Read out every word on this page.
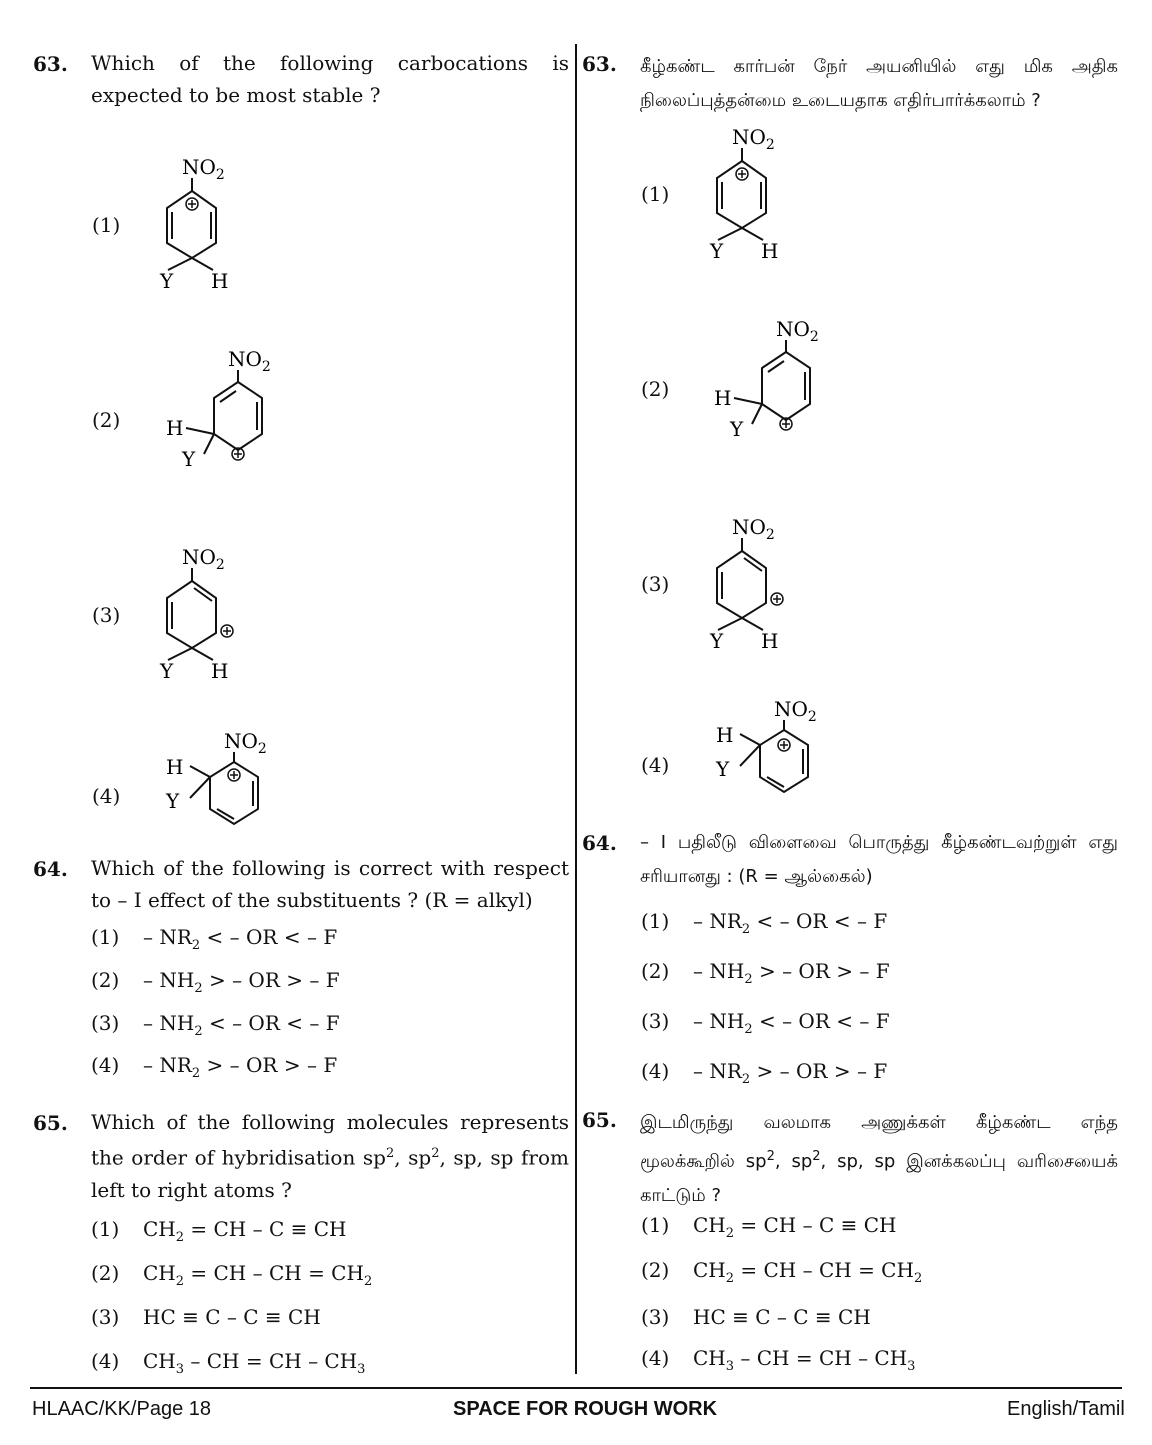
63. Which of the following carbocations is expected to be most stable ?
(1)
$NO_2$
Y H
(2)
$NO_2$
H
Y
(3)
$NO_2$
Y H
(4)
$NO_2$
H
Y
64. Which of the following is correct with respect to – I effect of the substituents ? (R = alkyl)
$(1) - NR_2$ < – OR < – F
$(2) - NH_2$ > – OR > – F
$(3) - NH_2$ < – OR < – F
$(4) - NR_2$ > – OR > – F
65. Which of the following molecules represents the order of hybridisation $sp^2$, $sp^2$, sp, sp from left to right atoms ?
(1) $CH_2$ = CH – C ≡ CH
(2) $CH_2$ = CH – CH = $CH_2$
(3) HC ≡ C – C ≡ CH
(4) $CH_3$ – CH = CH – $CH_3$
63. கீழ்கண்ட கார்பன் நேர் அயனியில் எது மிக அதிக நிலைப்புத்தன்மை உடையதாக எதிர்பார்க்கலாம் ?
(1)
$NO_2$
Y H
(2)
$NO_2$
H
Y
(3)
$NO_2$
Y H
(4)
$NO_2$
H
Y
64. – I பதிலீடு விளைவை பொருத்து கீழ்கண்டவற்றுள் எது சரியானது : (R = ஆல்கைல்)
$(1) - NR_2$ < – OR < – F
$(2) - NH_2$ > – OR > – F
$(3) - NH_2$ < – OR < – F
$(4) - NR_2$ > – OR > – F
65. இடமிருந்து வலமாக அணுக்கள் கீழ்கண்ட எந்த மூலக்கூறில் $sp^2$, $sp^2$, sp, sp இனக்கலப்பு வரிசையைக் காட்டும் ?
(1) $CH_2$ = CH – C ≡ CH
(2) $CH_2$ = CH – CH = $CH_2$
(3) HC ≡ C – C ≡ CH
(4) $CH_3$ – CH = CH – $CH_3$
HLAAC/KK/Page 18	SPACE FOR ROUGH WORK	English/Tamil
